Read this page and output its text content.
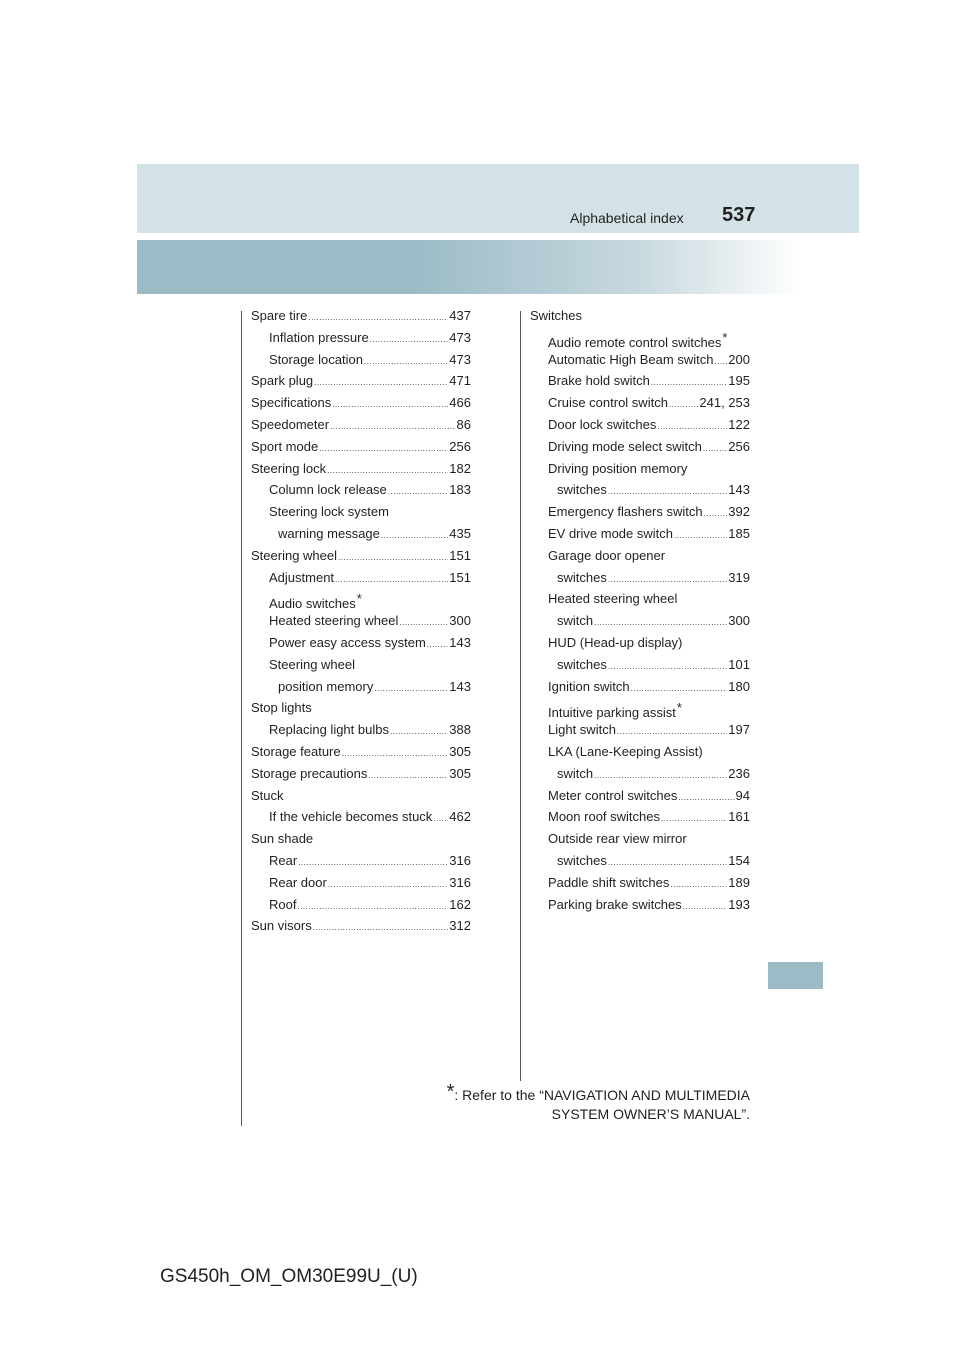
Alphabetical index 537
Spare tire .....	437
Inflation pressure .....	473
Storage location .....	473
Spark plug .....	471
Specifications .....	466
Speedometer .....	86
Sport mode .....	256
Steering lock .....	182
Column lock release .....	183
Steering lock system
warning message .....	435
Steering wheel .....	151
Adjustment .....	151
Audio switches*
Heated steering wheel .....	300
Power easy access system ..... 143
Steering wheel
position memory .....	143
Stop lights
Replacing light bulbs .....	388
Storage feature .....	305
Storage precautions .....	305
Stuck
If the vehicle becomes stuck ..... 462
Sun shade
Rear .....	316
Rear door .....	316
Roof .....	162
Sun visors .....	312
Switches
Audio remote control switches*
Automatic High Beam switch ..... 200
Brake hold switch .....	195
Cruise control switch ..... 241, 253
Door lock switches .....	122
Driving mode select switch ..... 256
Driving position memory
switches .....	143
Emergency flashers switch ..... 392
EV drive mode switch .....	185
Garage door opener
switches .....	319
Heated steering wheel
switch .....	300
HUD (Head-up display)
switches .....	101
Ignition switch .....	180
Intuitive parking assist*
Light switch .....	197
LKA (Lane-Keeping Assist)
switch .....	236
Meter control switches .....	94
Moon roof switches .....	161
Outside rear view mirror
switches .....	154
Paddle shift switches .....	189
Parking brake switches .....	193
*: Refer to the “NAVIGATION AND MULTIMEDIA
SYSTEM OWNER’S MANUAL”.
GS450h_OM_OM30E99U_(U)
